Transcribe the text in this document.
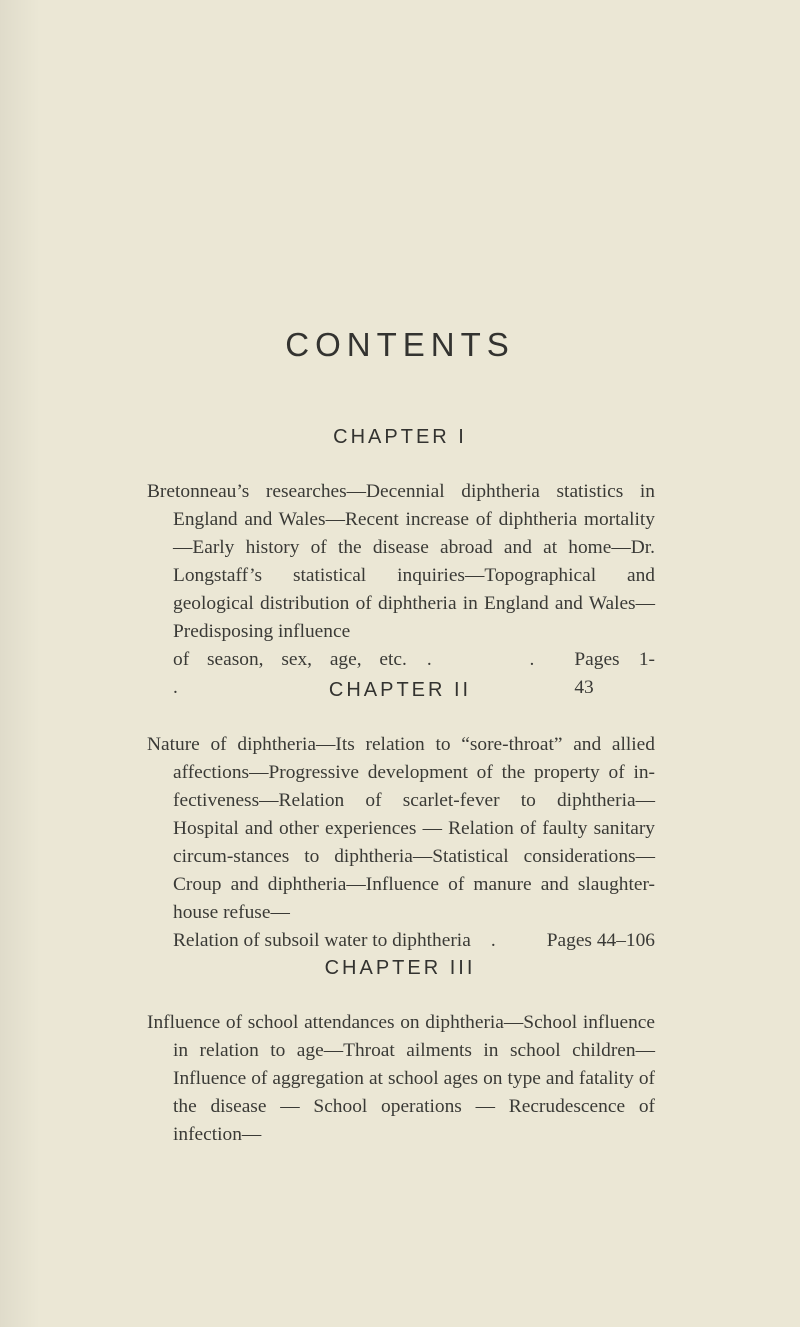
CONTENTS
CHAPTER I
Bretonneau’s researches—Decennial diphtheria statistics in England and Wales—Recent increase of diphtheria mortality—Early history of the disease abroad and at home—Dr. Longstaff’s statistical inquiries—Topographical and geological distribution of diphtheria in England and Wales—Predisposing influence
of season, sex, age, etc. . . .
Pages 1-43
CHAPTER II
Nature of diphtheria—Its relation to “sore-throat” and allied affections—Progressive development of the property of in-fectiveness—Relation of scarlet-fever to diphtheria—Hospital and other experiences — Relation of faulty sanitary circum-stances to diphtheria—Statistical considerations—Croup and diphtheria—Influence of manure and slaughter-house refuse—
Relation of subsoil water to diphtheria . Pages 44–106
CHAPTER III
Influence of school attendances on diphtheria—School influence in relation to age—Throat ailments in school children—Influence of aggregation at school ages on type and fatality of the disease — School operations — Recrudescence of infection—
